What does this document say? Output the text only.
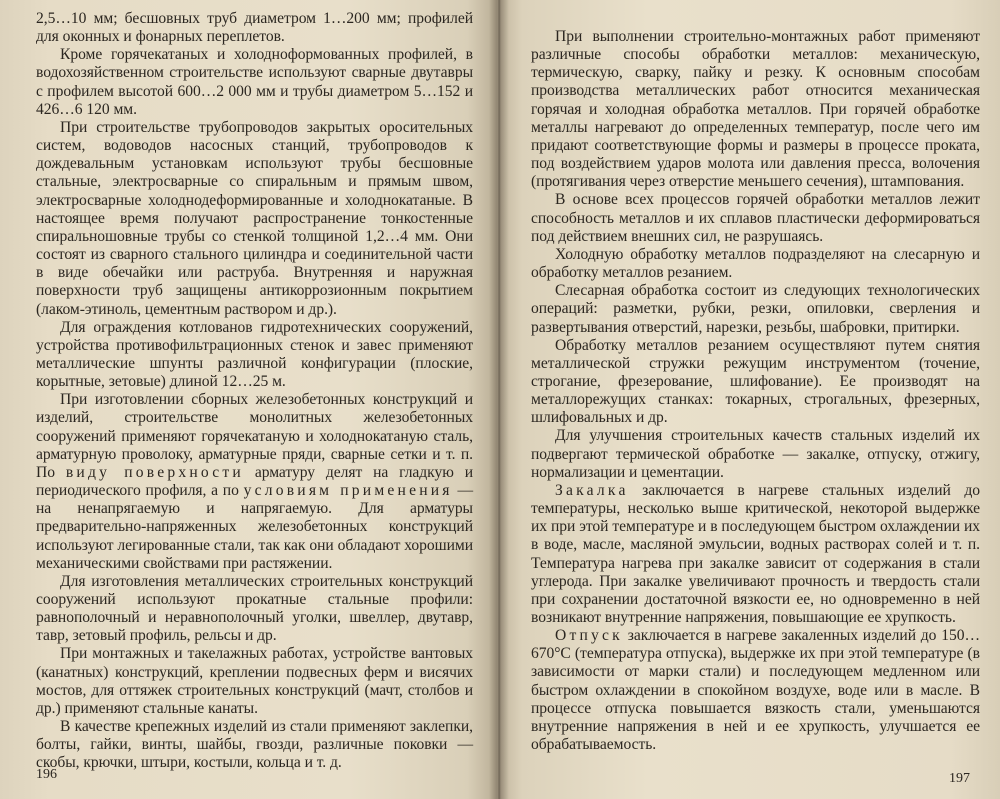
2,5…10 мм; бесшовных труб диаметром 1…200 мм; профилей для оконных и фонарных переплетов.

Кроме горячекатаных и холодноформованных профилей, в водохозяйственном строительстве используют сварные двутавры с профилем высотой 600…2 000 мм и трубы диаметром 5…152 и 426…6 120 мм.

При строительстве трубопроводов закрытых оросительных систем, водоводов насосных станций, трубопроводов к дождевальным установкам используют трубы бесшовные стальные, электросварные со спиральным и прямым швом, электросварные холоднодеформированные и холоднокатаные. В настоящее время получают распространение тонкостенные спиральношовные трубы со стенкой толщиной 1,2…4 мм. Они состоят из сварного стального цилиндра и соединительной части в виде обечайки или раструба. Внутренняя и наружная поверхности труб защищены антикоррозионным покрытием (лаком-этиноль, цементным раствором и др.).

Для ограждения котлованов гидротехнических сооружений, устройства противофильтрационных стенок и завес применяют металлические шпунты различной конфигурации (плоские, корытные, зетовые) длиной 12…25 м.

При изготовлении сборных железобетонных конструкций и изделий, строительстве монолитных железобетонных сооружений применяют горячекатаную и холоднокатаную сталь, арматурную проволоку, арматурные пряди, сварные сетки и т. п. По виду поверхности арматуру делят на гладкую и периодического профиля, а по условиям применения — на ненапрягаемую и напрягаемую. Для арматуры предварительно-напряженных железобетонных конструкций используют легированные стали, так как они обладают хорошими механическими свойствами при растяжении.

Для изготовления металлических строительных конструкций сооружений используют прокатные стальные профили: равнополочный и неравнополочный уголки, швеллер, двутавр, тавр, зетовый профиль, рельсы и др.

При монтажных и такелажных работах, устройстве вантовых (канатных) конструкций, креплении подвесных ферм и висячих мостов, для оттяжек строительных конструкций (мачт, столбов и др.) применяют стальные канаты.

В качестве крепежных изделий из стали применяют заклепки, болты, гайки, винты, шайбы, гвозди, различные поковки — скобы, крючки, штыри, костыли, кольца и т. д.

196

При выполнении строительно-монтажных работ применяют различные способы обработки металлов: механическую, термическую, сварку, пайку и резку. К основным способам производства металлических работ относится механическая горячая и холодная обработка металлов. При горячей обработке металлы нагревают до определенных температур, после чего им придают соответствующие формы и размеры в процессе проката, под воздействием ударов молота или давления пресса, волочения (протягивания через отверстие меньшего сечения), штампования.

В основе всех процессов горячей обработки металлов лежит способность металлов и их сплавов пластически деформироваться под действием внешних сил, не разрушаясь.

Холодную обработку металлов подразделяют на слесарную и обработку металлов резанием.

Слесарная обработка состоит из следующих технологических операций: разметки, рубки, резки, опиловки, сверления и развертывания отверстий, нарезки, резьбы, шабровки, притирки.

Обработку металлов резанием осуществляют путем снятия металлической стружки режущим инструментом (точение, строгание, фрезерование, шлифование). Ее производят на металлорежущих станках: токарных, строгальных, фрезерных, шлифовальных и др.

Для улучшения строительных качеств стальных изделий их подвергают термической обработке — закалке, отпуску, отжигу, нормализации и цементации.

Закалка заключается в нагреве стальных изделий до температуры, несколько выше критической, некоторой выдержке их при этой температуре и в последующем быстром охлаждении их в воде, масле, масляной эмульсии, водных растворах солей и т. п. Температура нагрева при закалке зависит от содержания в стали углерода. При закалке увеличивают прочность и твердость стали при сохранении достаточной вязкости ее, но одновременно в ней возникают внутренние напряжения, повышающие ее хрупкость.

Отпуск заключается в нагреве закаленных изделий до 150…670°С (температура отпуска), выдержке их при этой температуре (в зависимости от марки стали) и последующем медленном или быстром охлаждении в спокойном воздухе, воде или в масле. В процессе отпуска повышается вязкость стали, уменьшаются внутренние напряжения в ней и ее хрупкость, улучшается ее обрабатываемость.

197
